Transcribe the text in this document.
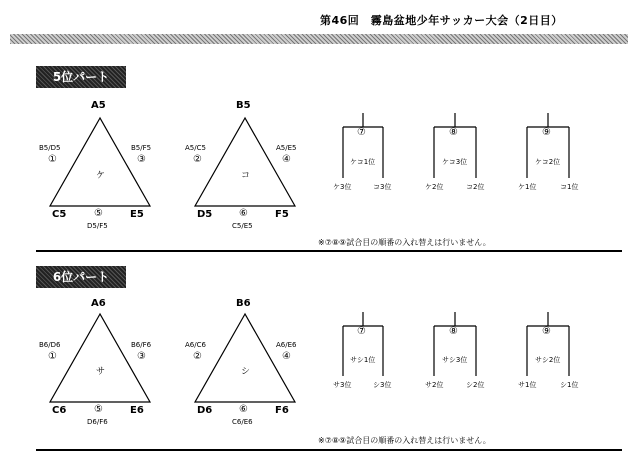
第46回　霧島盆地少年サッカー大会（2日目）
5位パート
A5
B5/D5
①
B5/F5
③
ケ
C5	⑤	E5
D5/F5
B5
A5/C5
②
A5/E5
④
コ
D5	⑥	F5
C5/E5
⑦
ケコ1位
ケ3位	コ3位
⑧
ケコ3位
ケ2位	コ2位
⑨
ケコ2位
ケ1位	コ1位
※⑦⑧⑨試合目の順番の入れ替えは行いません。
6位パート
A6
B6/D6
①
B6/F6
③
サ
C6	⑤	E6
D6/F6
B6
A6/C6
②
A6/E6
④
シ
D6	⑥	F6
C6/E6
⑦
サシ1位
サ3位	シ3位
⑧
サシ3位
サ2位	シ2位
⑨
サシ2位
サ1位	シ1位
※⑦⑧⑨試合目の順番の入れ替えは行いません。
